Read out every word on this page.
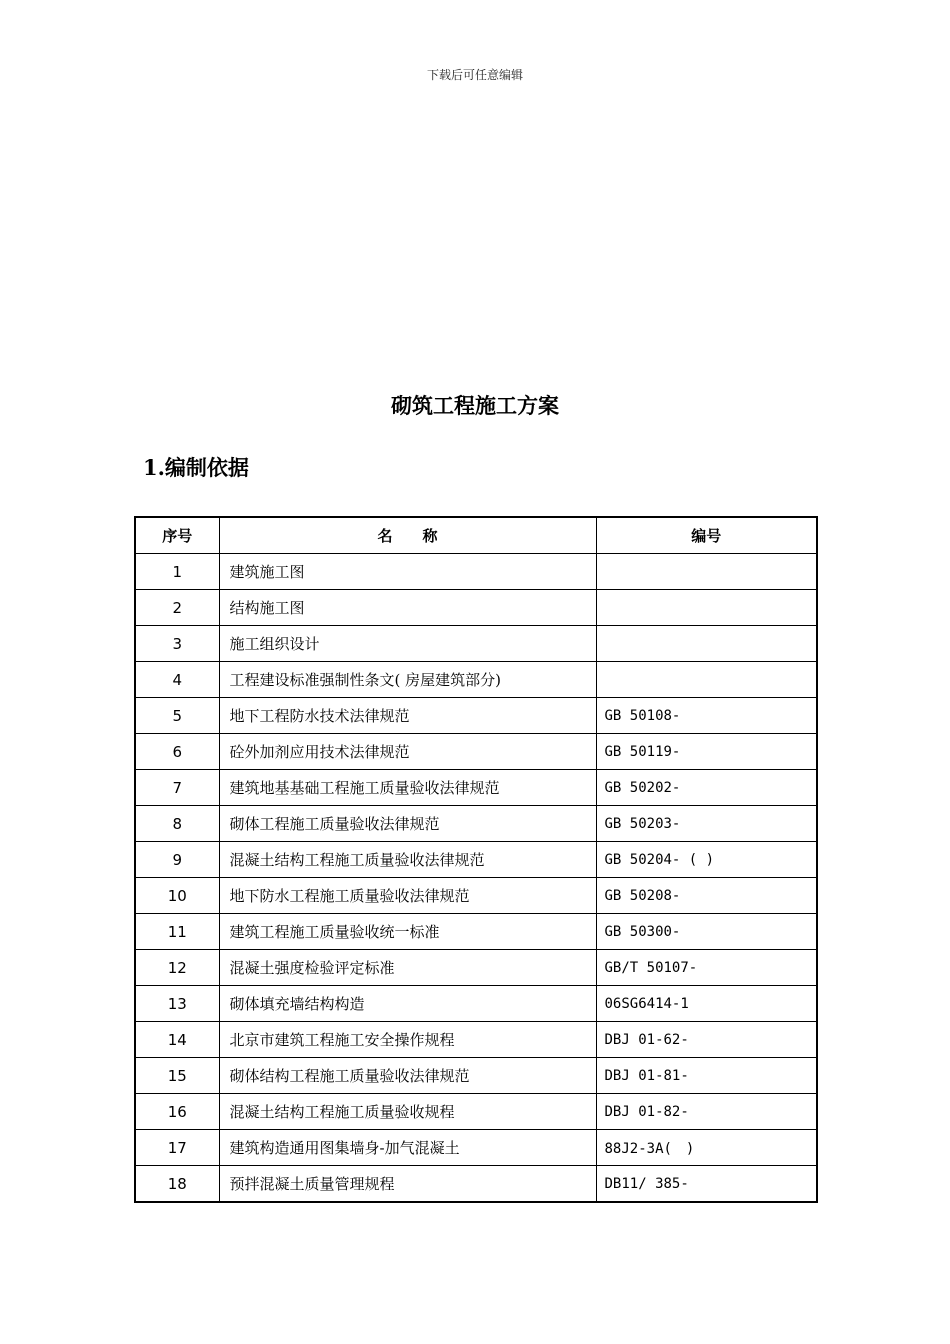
下载后可任意编辑
砌筑工程施工方案
1.编制依据
序号	名　　称	编号
1	建筑施工图	
2	结构施工图	
3	施工组织设计	
4	工程建设标准强制性条文( 房屋建筑部分)	
5	地下工程防水技术法律规范	GB 50108-
6	砼外加剂应用技术法律规范	GB 50119-
7	建筑地基基础工程施工质量验收法律规范	GB 50202-
8	砌体工程施工质量验收法律规范	GB 50203-
9	混凝土结构工程施工质量验收法律规范	GB 50204- ( )
10	地下防水工程施工质量验收法律规范	GB 50208-
11	建筑工程施工质量验收统一标准	GB 50300-
12	混凝土强度检验评定标准	GB/T 50107-
13	砌体填充墙结构构造	06SG6414-1
14	北京市建筑工程施工安全操作规程	DBJ 01-62-
15	砌体结构工程施工质量验收法律规范	DBJ 01-81-
16	混凝土结构工程施工质量验收规程	DBJ 01-82-
17	建筑构造通用图集墙身-加气混凝土	88J2-3A(　)
18	预拌混凝土质量管理规程	DB11/ 385-
